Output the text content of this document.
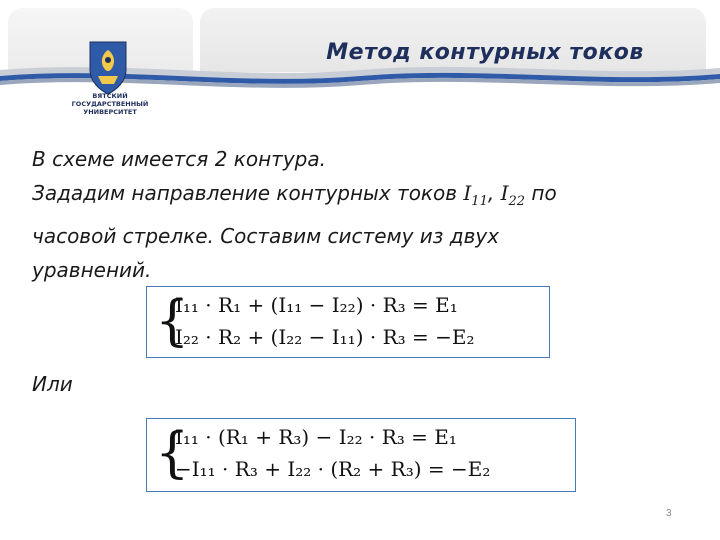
ВЯТСКИЙ ГОСУДАРСТВЕННЫЙ УНИВЕРСИТЕТ
Метод контурных токов
В схеме имеется 2 контура.
Зададим направление контурных токов $I_{11}$, $I_{22}$ по
часовой стрелке. Составим систему из двух
уравнений.
{
I₁₁ · R₁ + (I₁₁ − I₂₂) · R₃ = E₁
I₂₂ · R₂ + (I₂₂ − I₁₁) · R₃ = −E₂
Или
{
I₁₁ · (R₁ + R₃) − I₂₂ · R₃ = E₁
−I₁₁ · R₃ + I₂₂ · (R₂ + R₃) = −E₂
3
